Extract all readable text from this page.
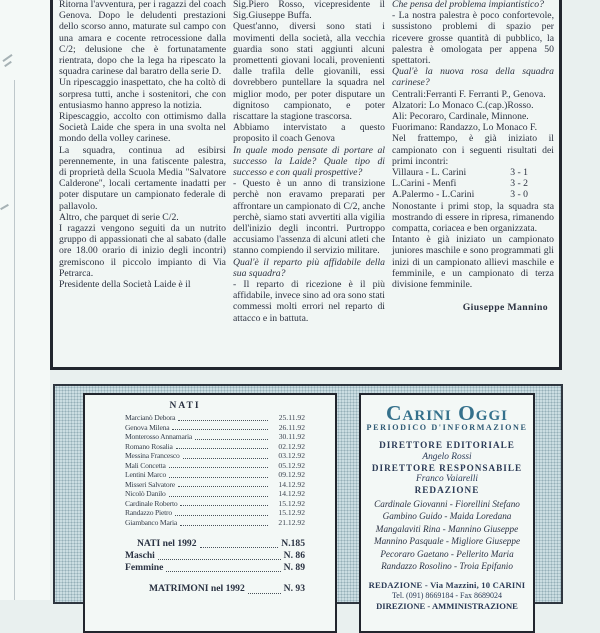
Ritorna l'avventura, per i ragazzi del coach Genova. Dopo le deludenti prestazioni dello scorso anno, maturate sul campo con una amara e cocente retrocessione dalla C/2; delusione che è fortunatamente rientrata, dopo che la lega ha ripescato la squadra carinese dal baratro della serie D.

Un ripescaggio inaspettato, che ha coltò di sorpresa tutti, anche i sostenitori, che con entusiasmo hanno appreso la notizia.

Ripescaggio, accolto con ottimismo dalla Società Laide che spera in una svolta nel mondo della volley carinese.

La squadra, continua ad esibirsi perennemente, in una fatiscente palestra, di proprietà della Scuola Media "Salvatore Calderone", locali certamente inadatti per poter disputare un campionato federale di pallavolo.

Altro, che parquet di serie C/2.

I ragazzi vengono seguiti da un nutrito gruppo di appassionati che al sabato (dalle ore 18.00 orario di inizio degli incontri) gremiscono il piccolo impianto di Via Petrarca.

Presidente della Società Laide è il

Sig.Piero Rosso, vicepresidente il Sig.Giuseppe Buffa.

Quest'anno, diversi sono stati i movimenti della società, alla vecchia guardia sono stati aggiunti alcuni promettenti giovani locali, provenienti dalle trafila delle giovanili, essi dovrebbero puntellare la squadra nel miglior modo, per poter disputare un dignitoso campionato, e poter riscattare la stagione trascorsa.

Abbiamo intervistato a questo proposito il coach Genova

In quale modo pensate di portare al successo la Laide? Quale tipo di successo e con quali prospettive?

- Questo è un anno di transizione perchè non eravamo preparati per affrontare un campionato di C/2, anche perchè, siamo stati avvertiti alla vigilia dell'inizio degli incontri. Purtroppo accusiamo l'assenza di alcuni atleti che stanno compiendo il servizio militare.

Qual'è il reparto più affidabile della sua squadra?

- Il reparto di ricezione è il più affidabile, invece sino ad ora sono stati commessi molti errori nel reparto di attacco e in battuta.

Che pensa del problema impiantistico?

- La nostra palestra è poco confortevole, sussistono problemi di spazio per ricevere grosse quantità di pubblico, la palestra è omologata per appena 50 spettatori.

Qual'è la nuova rosa della squadra carinese?

Centrali:Ferranti F. Ferranti P., Genova.

Alzatori: Lo Monaco C.(cap.)Rosso.

Ali: Pecoraro, Cardinale, Minnone.

Fuorimano: Randazzo, Lo Monaco F.

Nel frattempo, è già iniziato il campionato con i seguenti risultati dei primi incontri:

Villaura - L. Carini	3 - 1
L.Carini - Menfi	3 - 2
A.Palermo - L.Carini	3 - 0

Nonostante i primi stop, la squadra sta mostrando di essere in ripresa, rimanendo compatta, coriacea e ben organizzata.

Intanto è già iniziato un campionato juniores maschile e sono programmati gli inizi di un campionato allievi maschile e femminile, e un campionato di terza divisione femminile.

Giuseppe Mannino
NATI
Marcianò Debora	25.11.92
Genova Milena	26.11.92
Monterosso Annamaria	30.11.92
Romano Rosalia	02.12.92
Messina Francesco	03.12.92
Mali Concetta	05.12.92
Lentini Marco	09.12.92
Misseri Salvatore	14.12.92
Nicolò Danilo	14.12.92
Cardinale Roberto	15.12.92
Randazzo Pietro	15.12.92
Giambanco Maria	21.12.92
NATI nel 1992	N.185
Maschi	N. 86
Femmine	N. 89
MATRIMONI nel 1992	N. 93
Carini Oggi
PERIODICO D'INFORMAZIONE
DIRETTORE EDITORIALE
Angelo Rossi
DIRETTORE RESPONSABILE
Franco Vaiarelli
REDAZIONE
Cardinale Giovanni - Fiorellini Stefano
Gambino Guido - Maida Loredana
Mangalaviti Rina - Mannino Giuseppe
Mannino Pasquale - Migliore Giuseppe
Pecoraro Gaetano - Pellerito Maria
Randazzo Rosolino - Troia Epifanio
REDAZIONE - Via Mazzini, 10 CARINI
Tel. (091) 8669184 - Fax 8689024
DIREZIONE - AMMINISTRAZIONE
